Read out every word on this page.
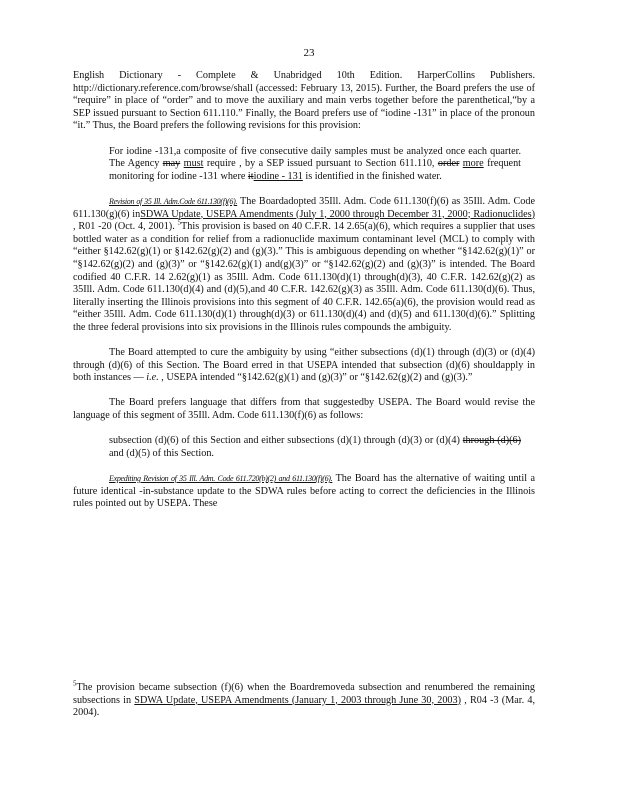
23

English Dictionary - Complete & Unabridged 10th Edition. HarperCollins Publishers. http://dictionary.reference.com/browse/shall (accessed: February 13, 2015). Further, the Board prefers the use of “require” in place of “order” and to move the auxiliary and main verbs together before the parenthetical,“by a SEP issued pursuant to Section 611.110.” Finally, the Board prefers use of “iodine -131” in place of the pronoun “it.” Thus, the Board prefers the following revisions for this provision:

For iodine -131,a composite of five consecutive daily samples must be analyzed once each quarter. The Agency may must require , by a SEP issued pursuant to Section 611.110, order more frequent monitoring for iodine -131 where itiodine - 131 is identified in the finished water.

Revision of 35 Ill. Adm.Code 611.130(f)(6). The Boardadopted 35Ill. Adm. Code 611.130(f)(6) as 35Ill. Adm. Code 611.130(g)(6) inSDWA Update, USEPA Amendments (July 1, 2000 through December 31, 2000; Radionuclides) , R01 -20 (Oct. 4, 2001). $^5$This provision is based on 40 C.F.R. 14 2.65(a)(6), which requires a supplier that uses bottled water as a condition for relief from a radionuclide maximum contaminant level (MCL) to comply with “either §142.62(g)(1) or §142.62(g)(2) and (g)(3).” This is ambiguous depending on whether “§142.62(g)(1)” or “§142.62(g)(2) and (g)(3)” or “§142.62(g)(1) and(g)(3)” or “§142.62(g)(2) and (g)(3)” is intended. The Board codified 40 C.F.R. 14 2.62(g)(1) as 35Ill. Adm. Code 611.130(d)(1) through(d)(3), 40 C.F.R. 142.62(g)(2) as 35Ill. Adm. Code 611.130(d)(4) and (d)(5),and 40 C.F.R. 142.62(g)(3) as 35Ill. Adm. Code 611.130(d)(6). Thus, literally inserting the Illinois provisions into this segment of 40 C.F.R. 142.65(a)(6), the provision would read as “either 35Ill. Adm. Code 611.130(d)(1) through(d)(3) or 611.130(d)(4) and (d)(5) and 611.130(d)(6).” Splitting the three federal provisions into six provisions in the Illinois rules compounds the ambiguity.

The Board attempted to cure the ambiguity by using “either subsections (d)(1) through (d)(3) or (d)(4) through (d)(6) of this Section. The Board erred in that USEPA intended that subsection (d)(6) shouldapply in both instances — i.e. , USEPA intended “§142.62(g)(1) and (g)(3)” or “§142.62(g)(2) and (g)(3).”

The Board prefers language that differs from that suggestedby USEPA. The Board would revise the language of this segment of 35Ill. Adm. Code 611.130(f)(6) as follows:

subsection (d)(6) of this Section and either subsections (d)(1) through (d)(3) or (d)(4) through (d)(6) and (d)(5) of this Section.

Expediting Revision of 35 Ill. Adm. Code 611.720(b)(2) and 611.130(f)(6). The Board has the alternative of waiting until a future identical -in-substance update to the SDWA rules before acting to correct the deficiencies in the Illinois rules pointed out by USEPA. These

$^5$The provision became subsection (f)(6) when the Boardremoveda subsection and renumbered the remaining subsections in SDWA Update, USEPA Amendments (January 1, 2003 through June 30, 2003) , R04 -3 (Mar. 4, 2004).
